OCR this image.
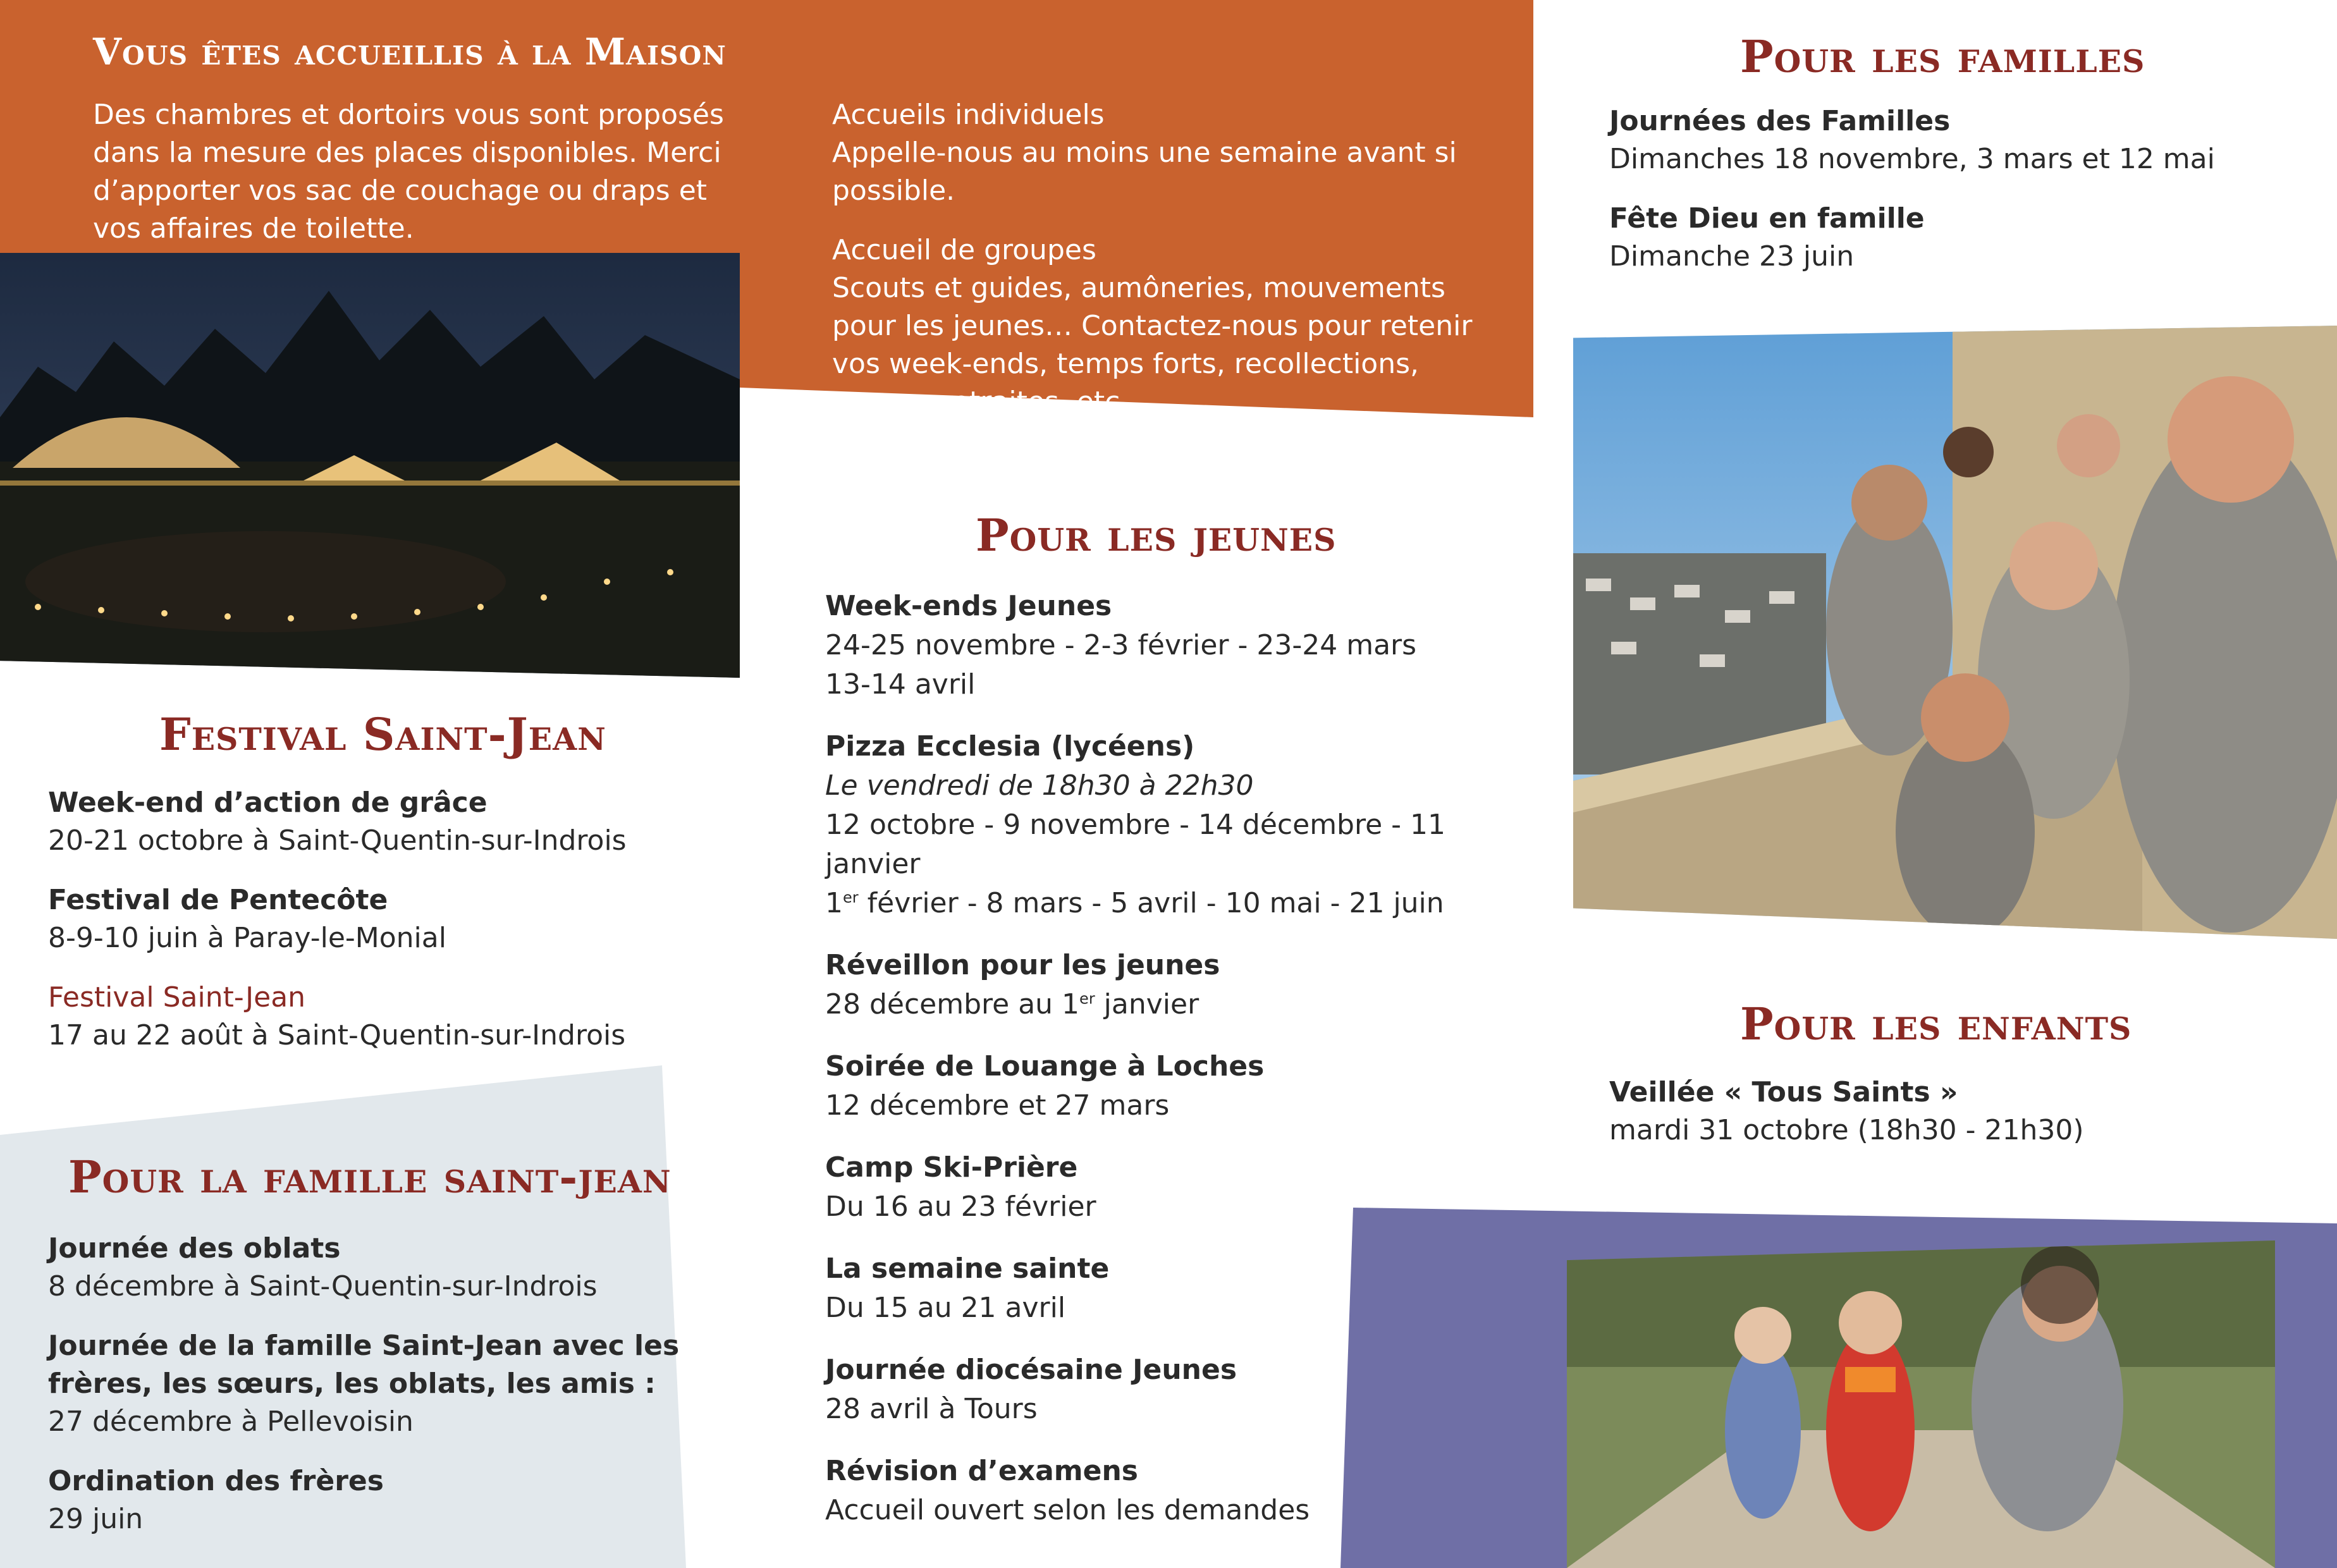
Vous êtes accueillis à la Maison

Des chambres et dortoirs vous sont proposés dans la mesure des places disponibles. Merci d’apporter vos sac de couchage ou draps et vos affaires de toilette.

Accueils individuels
Appelle-nous au moins une semaine avant si possible.
Accueil de groupes
Scouts et guides, aumôneries, mouvements pour les jeunes… Contactez-nous pour retenir vos week-ends, temps forts, recollections, camps, retraites, etc.
Festival Saint-Jean
Week-end d’action de grâce
20-21 octobre à Saint-Quentin-sur-Indrois
Festival de Pentecôte
8-9-10 juin à Paray-le-Monial
Festival Saint-Jean
17 au 22 août à Saint-Quentin-sur-Indrois
Pour la famille saint-jean
Journée des oblats
8 décembre à Saint-Quentin-sur-Indrois
Journée de la famille Saint-Jean avec les frères, les sœurs, les oblats, les amis : 27 décembre à Pellevoisin
Ordination des frères
29 juin
Pour les jeunes
Week-ends Jeunes
24-25 novembre - 2-3 février - 23-24 mars
13-14 avril
Pizza Ecclesia (lycéens)
Le vendredi de 18h30 à 22h30
12 octobre - 9 novembre - 14 décembre - 11 janvier
1er février - 8 mars - 5 avril - 10 mai - 21 juin
Réveillon pour les jeunes
28 décembre au 1er janvier
Soirée de Louange à Loches
12 décembre et 27 mars
Camp Ski-Prière
Du 16 au 23 février
La semaine sainte
Du 15 au 21 avril
Journée diocésaine Jeunes
28 avril à Tours
Révision d’examens
Accueil ouvert selon les demandes
Pour les familles
Journées des Familles
Dimanches 18 novembre, 3 mars et 12 mai
Fête Dieu en famille
Dimanche 23 juin
Pour les enfants
Veillée « Tous Saints »
mardi 31 octobre (18h30 - 21h30)
